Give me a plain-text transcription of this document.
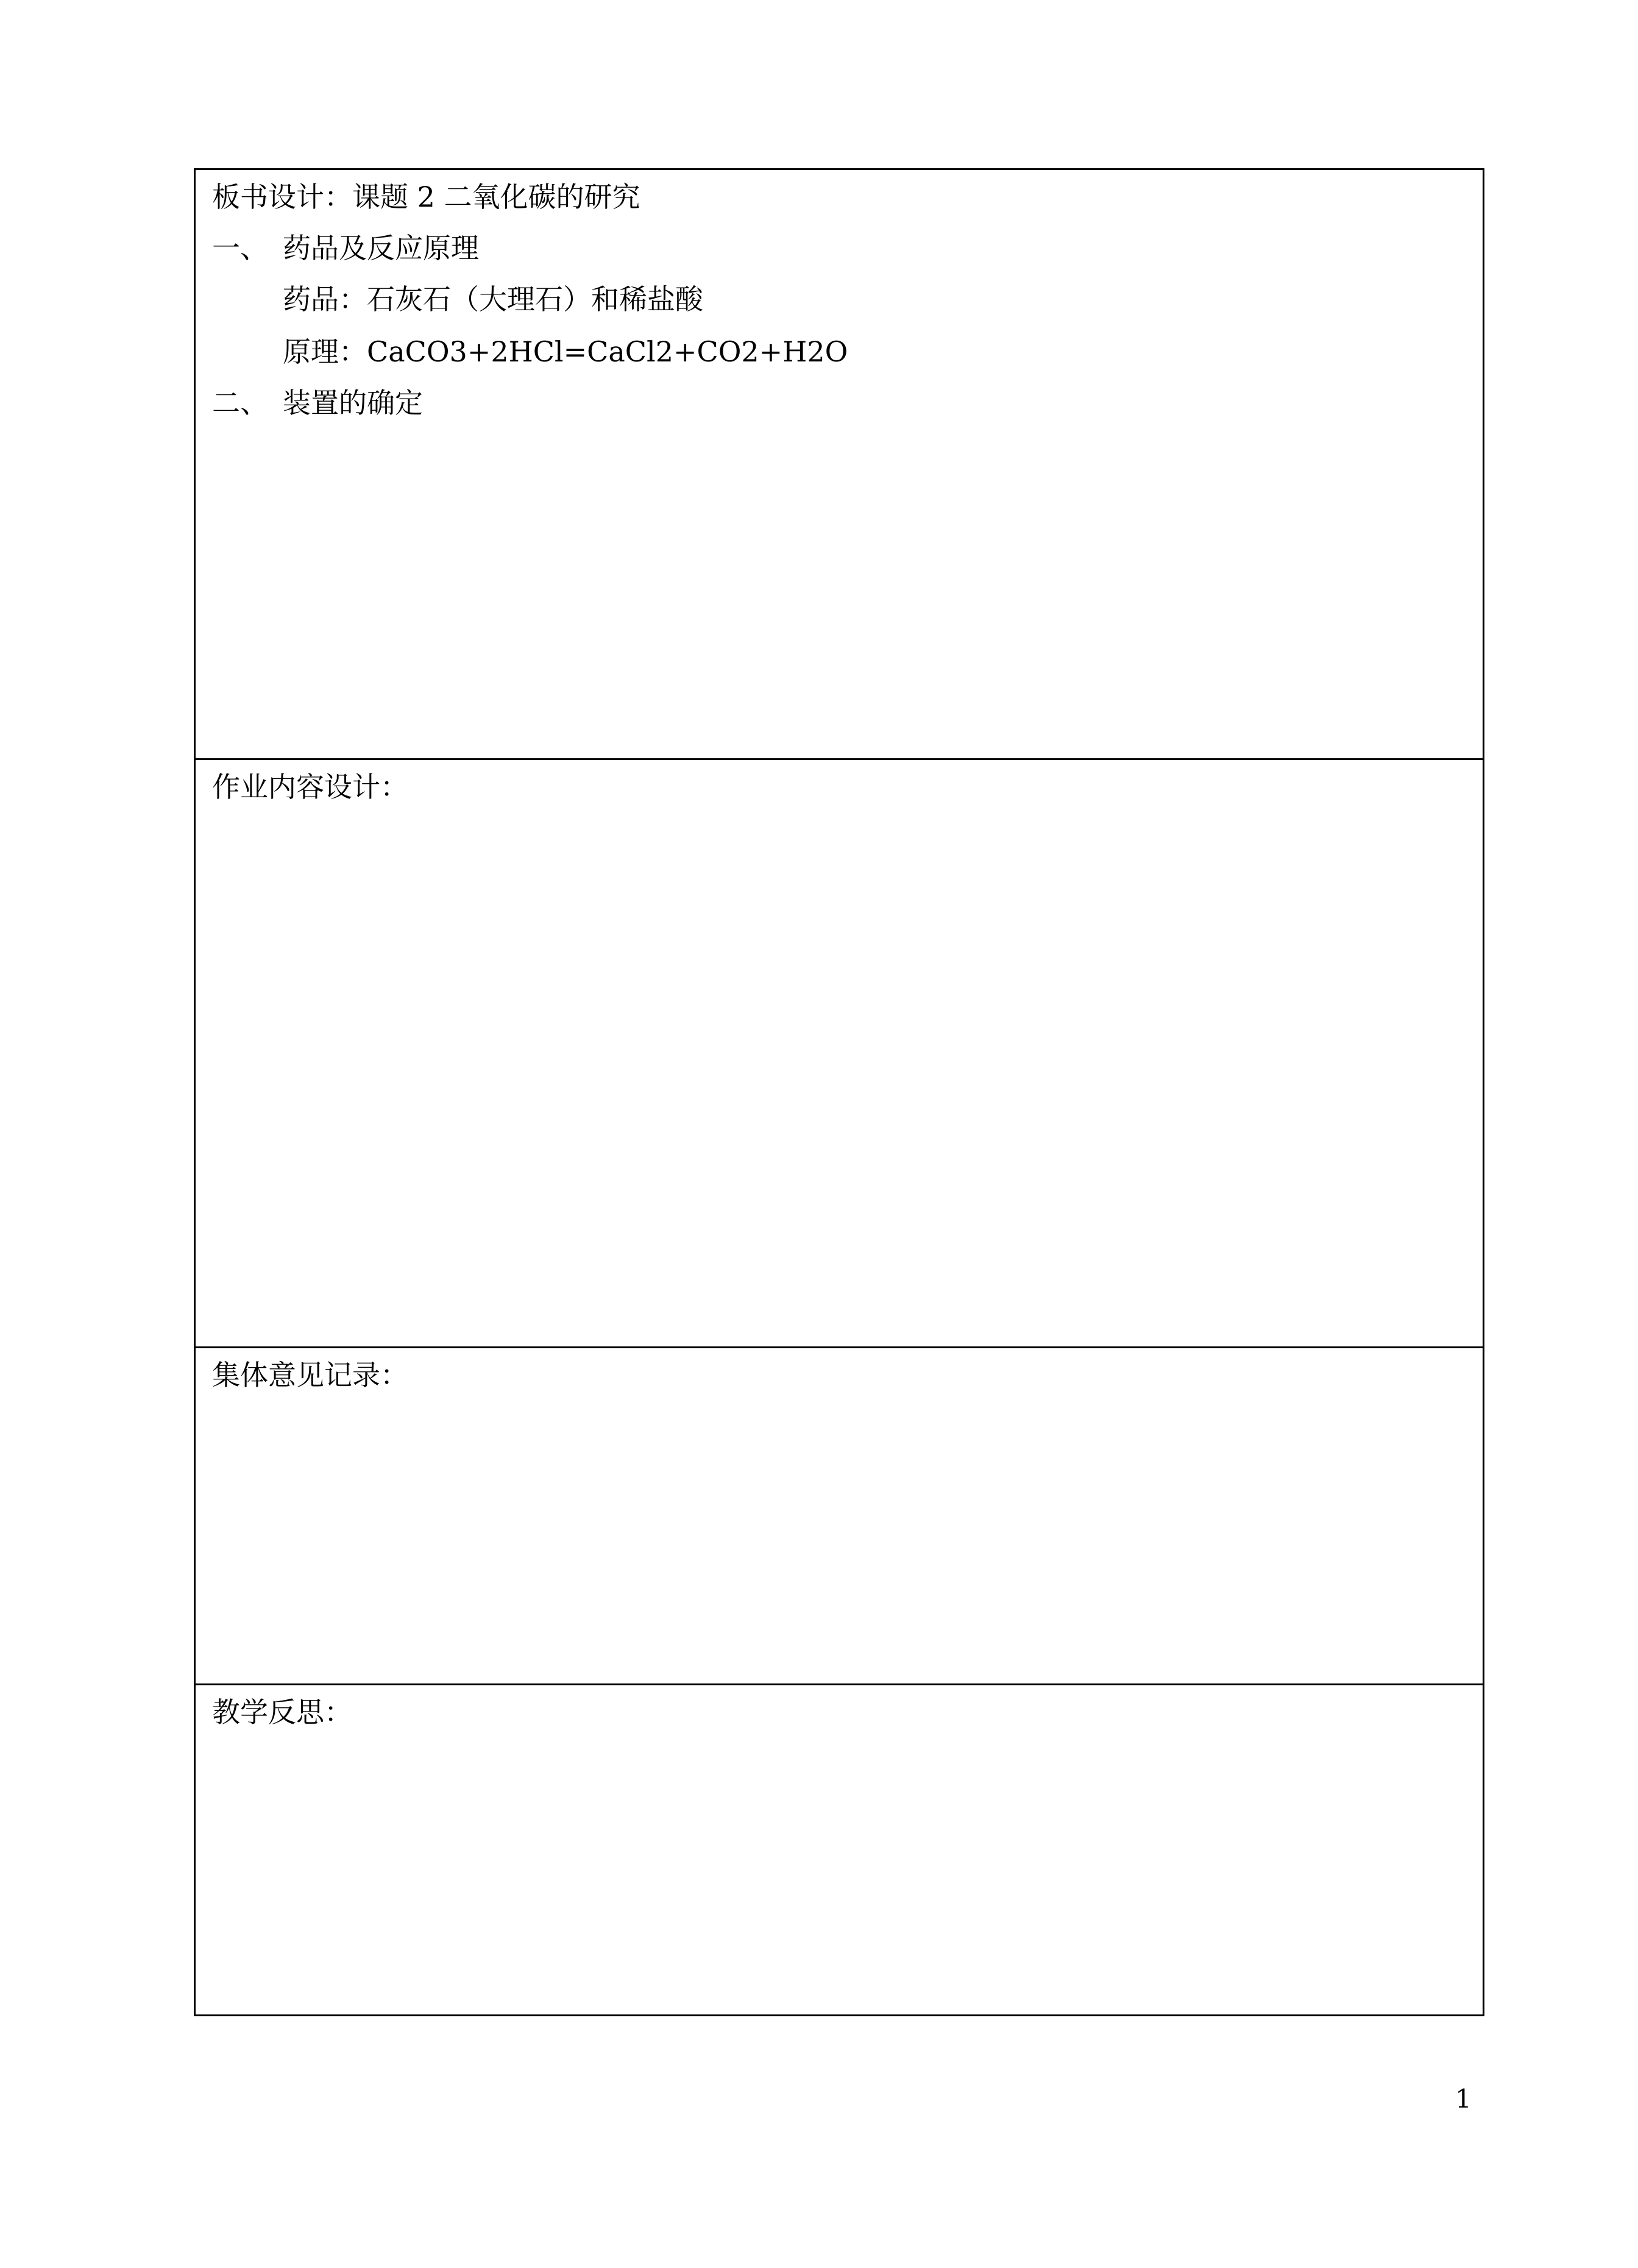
板书设计：课题 2 二氧化碳的研究
一、 药品及反应原理
药品：石灰石（大理石）和稀盐酸
原理：CaCO3+2HCl=CaCl2+CO2+H2O
二、 装置的确定
作业内容设计：
集体意见记录：
教学反思：
1
